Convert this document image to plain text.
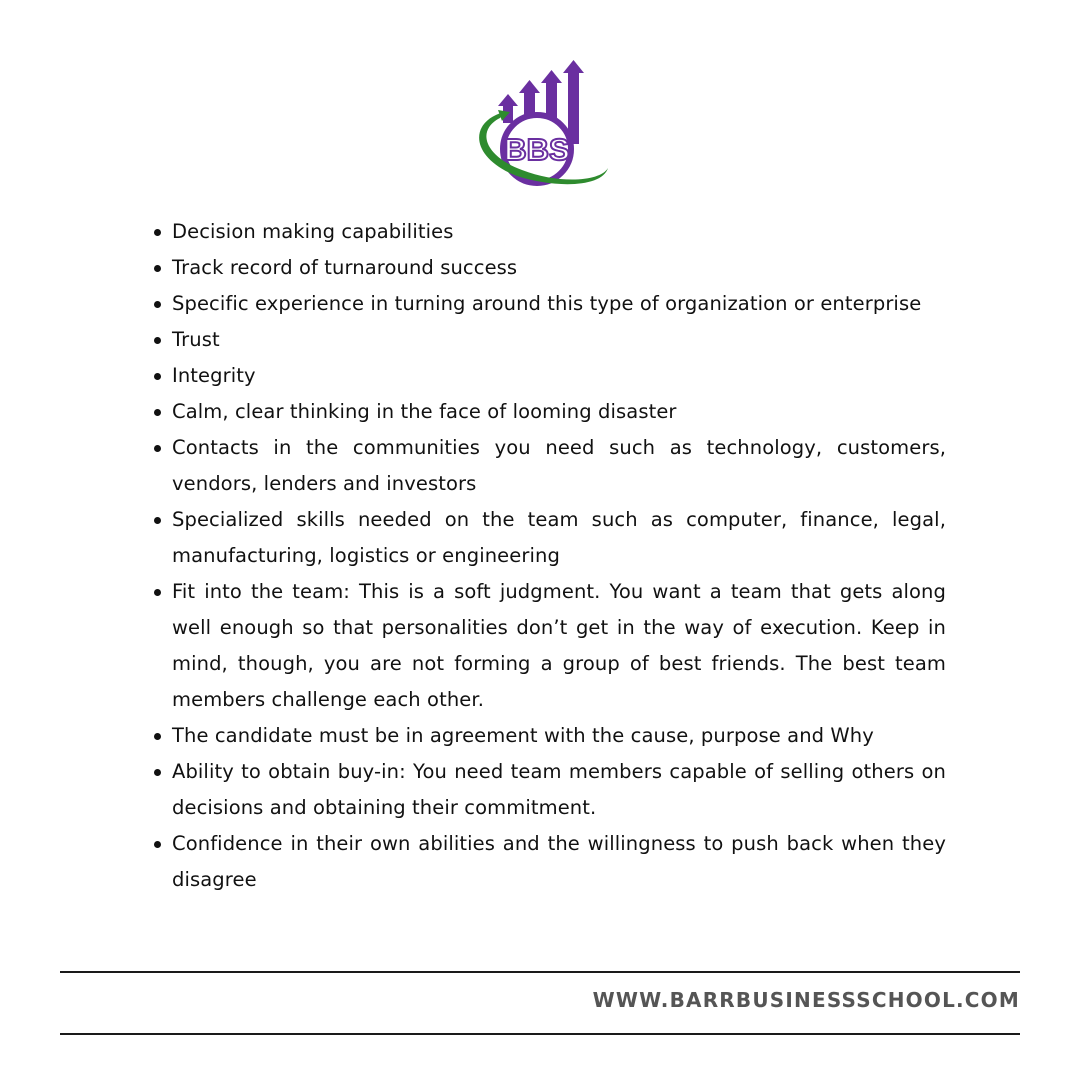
BBS
Decision making capabilities
Track record of turnaround success
Specific experience in turning around this type of organization or enterprise
Trust
Integrity
Calm, clear thinking in the face of looming disaster
Contacts in the communities you need such as technology, customers, vendors, lenders and investors
Specialized skills needed on the team such as computer, finance, legal, manufacturing, logistics or engineering
Fit into the team: This is a soft judgment. You want a team that gets along well enough so that personalities don’t get in the way of execution. Keep in mind, though, you are not forming a group of best friends. The best team members challenge each other.
The candidate must be in agreement with the cause, purpose and Why
Ability to obtain buy-in: You need team members capable of selling others on decisions and obtaining their commitment.
Confidence in their own abilities and the willingness to push back when they disagree
WWW.BARRBUSINESSSCHOOL.COM
